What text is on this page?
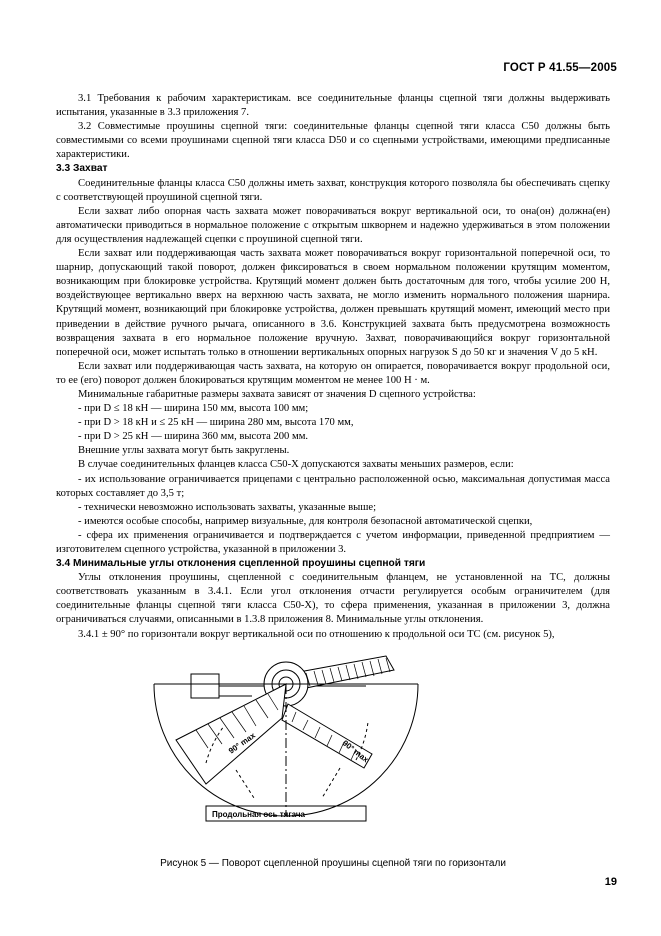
ГОСТ Р 41.55—2005

3.1 Требования к рабочим характеристикам. все соединительные фланцы сцепной тяги должны выдерживать испытания, указанные в 3.3 приложения 7.

3.2 Совместимые проушины сцепной тяги: соединительные фланцы сцепной тяги класса С50 должны быть совместимыми со всеми проушинами сцепной тяги класса D50 и со сцепными устройствами, имеющими предписанные характеристики.

3.3 Захват

Соединительные фланцы класса С50 должны иметь захват, конструкция которого позволяла бы обеспечивать сцепку с соответствующей проушиной сцепной тяги.

Если захват либо опорная часть захвата может поворачиваться вокруг вертикальной оси, то она(он) должна(ен) автоматически приводиться в нормальное положение с открытым шкворнем и надежно удерживаться в этом положении для осуществления надлежащей сцепки с проушиной сцепной тяги.

Если захват или поддерживающая часть захвата может поворачиваться вокруг горизонтальной поперечной оси, то шарнир, допускающий такой поворот, должен фиксироваться в своем нормальном положении крутящим моментом, возникающим при блокировке устройства. Крутящий момент должен быть достаточным для того, чтобы усилие 200 Н, воздействующее вертикально вверх на верхнюю часть захвата, не могло изменить нормального положения шарнира. Крутящий момент, возникающий при блокировке устройства, должен превышать крутящий момент, имеющий место при приведении в действие ручного рычага, описанного в 3.6. Конструкцией захвата быть предусмотрена возможность возвращения захвата в его нормальное положение вручную. Захват, поворачивающийся вокруг горизонтальной поперечной оси, может испытать только в отношении вертикальных опорных нагрузок S до 50 кг и значения V до 5 кН.

Если захват или поддерживающая часть захвата, на которую он опирается, поворачивается вокруг продольной оси, то ее (его) поворот должен блокироваться крутящим моментом не менее 100 Н · м.

Минимальные габаритные размеры захвата зависят от значения D сцепного устройства:

- при D ≤ 18 кН — ширина 150 мм, высота 100 мм;

- при D > 18 кН и ≤ 25 кН — ширина 280 мм, высота 170 мм,

- при D > 25 кН — ширина 360 мм, высота 200 мм.

Внешние углы захвата могут быть закруглены.

В случае соединительных фланцев класса C50-X допускаются захваты меньших размеров, если:

- их использование ограничивается прицепами с центрально расположенной осью, максимальная допустимая масса которых составляет до 3,5 т;

- технически невозможно использовать захваты, указанные выше;

- имеются особые способы, например визуальные, для контроля безопасной автоматической сцепки,

- сфера их применения ограничивается и подтверждается с учетом информации, приведенной предприятием — изготовителем сцепного устройства, указанной в приложении 3.

3.4 Минимальные углы отклонения сцепленной проушины сцепной тяги

Углы отклонения проушины, сцепленной с соединительным фланцем, не установленной на ТС, должны соответствовать указанным в 3.4.1. Если угол отклонения отчасти регулируется особым ограничителем (для соединительные фланцы сцепной тяги класса C50-X), то сфера применения, указанная в приложении 3, должна ограничиваться случаями, описанными в 1.3.8 приложения 8. Минимальные углы отклонения.

3.4.1 ± 90° по горизонтали вокруг вертикальной оси по отношению к продольной оси ТС (см. рисунок 5),

90° max	90° max
Продольная ось тягача
Рисунок 5 — Поворот сцепленной проушины сцепной тяги по горизонтали
19
